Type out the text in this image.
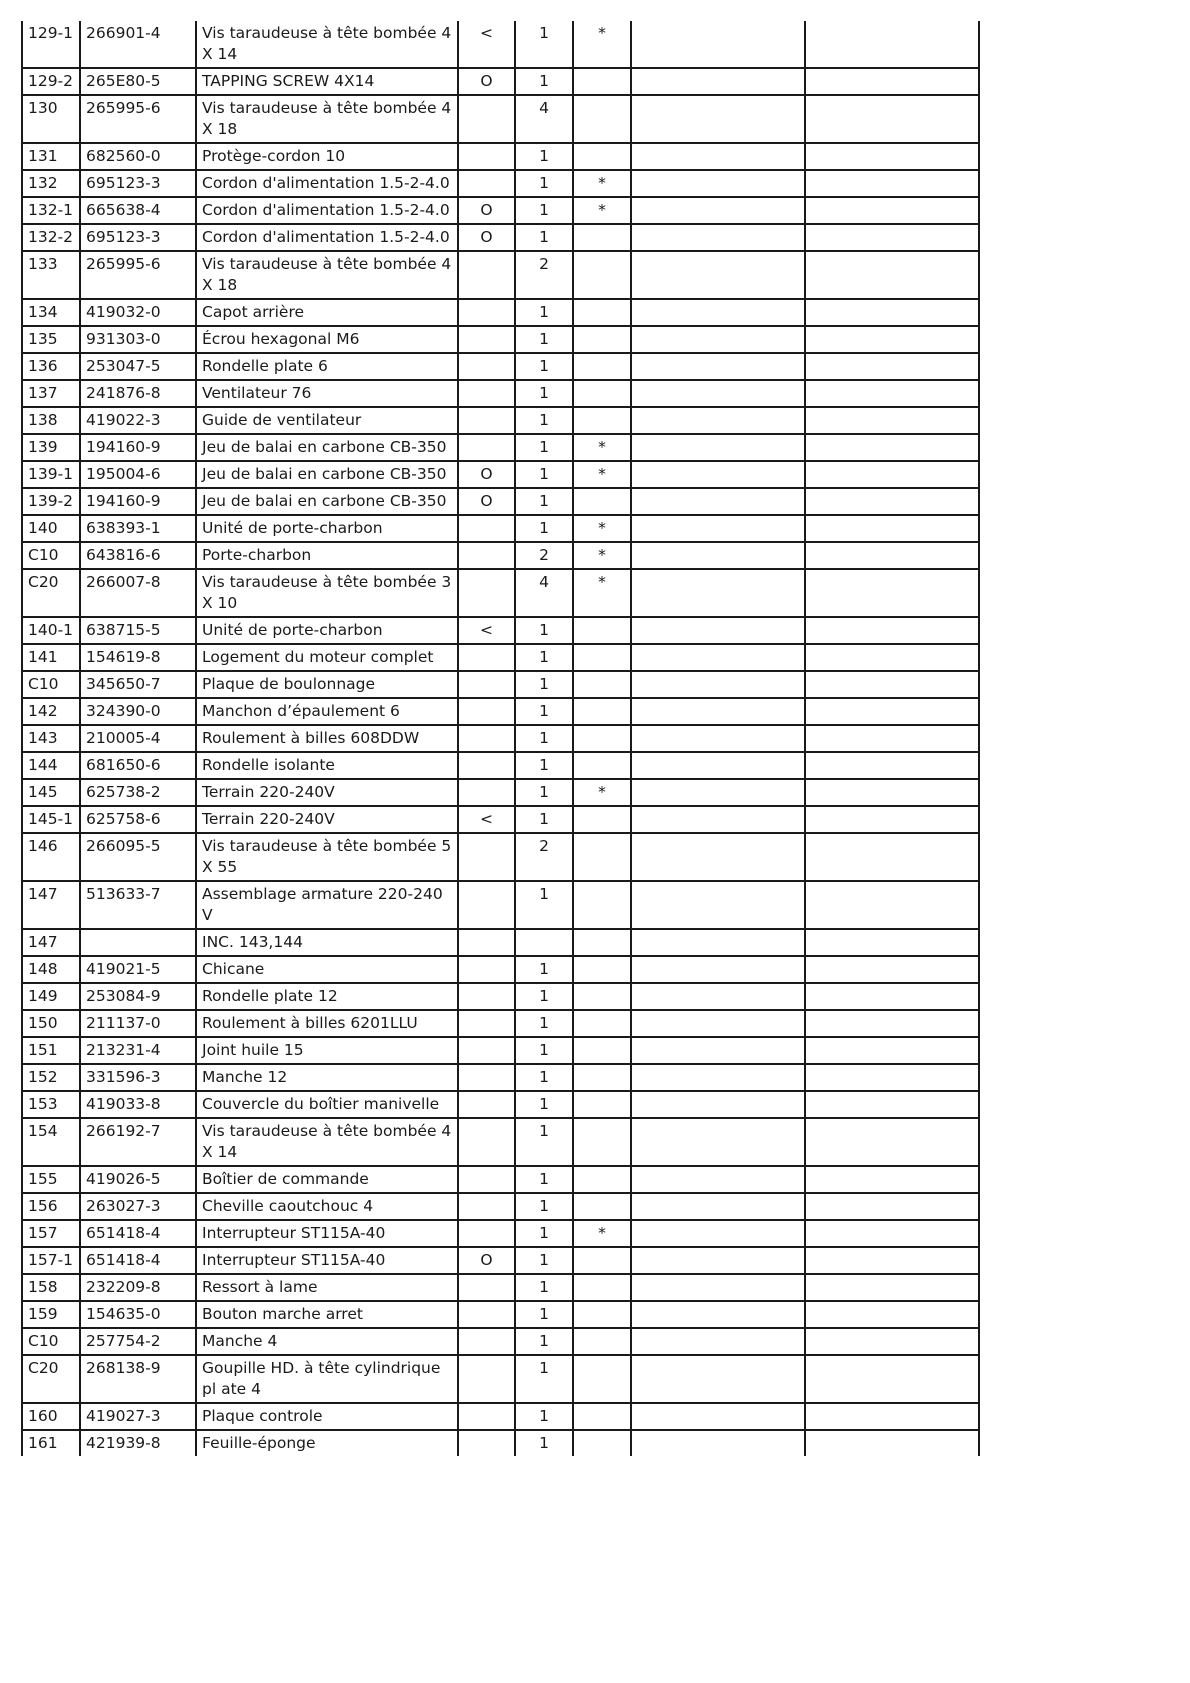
129-1	266901-4	Vis taraudeuse à tête bombée 4X 14	<	1	*		
129-2	265E80-5	TAPPING SCREW 4X14	O	1			
130	265995-6	Vis taraudeuse à tête bombée 4X 18		4			
131	682560-0	Protège-cordon 10		1			
132	695123-3	Cordon d'alimentation 1.5-2-4.0		1	*		
132-1	665638-4	Cordon d'alimentation 1.5-2-4.0	O	1	*		
132-2	695123-3	Cordon d'alimentation 1.5-2-4.0	O	1			
133	265995-6	Vis taraudeuse à tête bombée 4X 18		2			
134	419032-0	Capot arrière		1			
135	931303-0	Écrou hexagonal M6		1			
136	253047-5	Rondelle plate 6		1			
137	241876-8	Ventilateur 76		1			
138	419022-3	Guide de ventilateur		1			
139	194160-9	Jeu de balai en carbone CB-350		1	*		
139-1	195004-6	Jeu de balai en carbone CB-350	O	1	*		
139-2	194160-9	Jeu de balai en carbone CB-350	O	1			
140	638393-1	Unité de porte-charbon		1	*		
C10	643816-6	Porte-charbon		2	*		
C20	266007-8	Vis taraudeuse à tête bombée 3X 10		4	*		
140-1	638715-5	Unité de porte-charbon	<	1			
141	154619-8	Logement du moteur complet		1			
C10	345650-7	Plaque de boulonnage		1			
142	324390-0	Manchon d’épaulement 6		1			
143	210005-4	Roulement à billes 608DDW		1			
144	681650-6	Rondelle isolante		1			
145	625738-2	Terrain 220-240V		1	*		
145-1	625758-6	Terrain 220-240V	<	1			
146	266095-5	Vis taraudeuse à tête bombée 5X 55		2			
147	513633-7	Assemblage armature 220-240V		1			
147		INC. 143,144					
148	419021-5	Chicane		1			
149	253084-9	Rondelle plate 12		1			
150	211137-0	Roulement à billes 6201LLU		1			
151	213231-4	Joint huile 15		1			
152	331596-3	Manche 12		1			
153	419033-8	Couvercle du boîtier manivelle		1			
154	266192-7	Vis taraudeuse à tête bombée 4X 14		1			
155	419026-5	Boîtier de commande		1			
156	263027-3	Cheville caoutchouc 4		1			
157	651418-4	Interrupteur ST115A-40		1	*		
157-1	651418-4	Interrupteur ST115A-40	O	1			
158	232209-8	Ressort à lame		1			
159	154635-0	Bouton marche arret		1			
C10	257754-2	Manche 4		1			
C20	268138-9	Goupille HD. à tête cylindrique pl ate 4		1			
160	419027-3	Plaque controle		1			
161	421939-8	Feuille-éponge		1			
